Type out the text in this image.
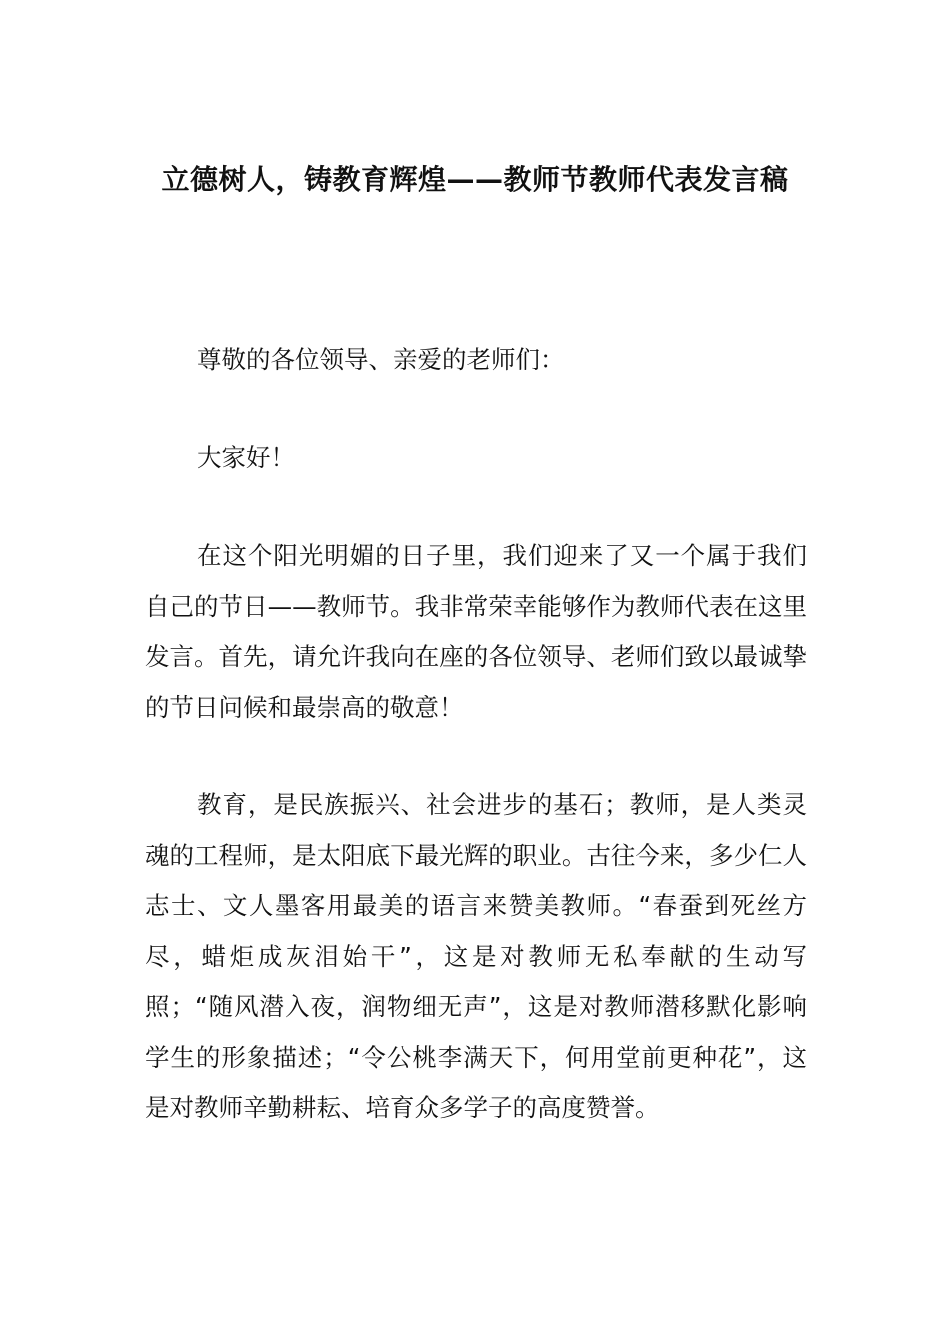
立德树人，铸教育辉煌——教师节教师代表发言稿

尊敬的各位领导、亲爱的老师们：

大家好！

在这个阳光明媚的日子里，我们迎来了又一个属于我们自己的节日——教师节。我非常荣幸能够作为教师代表在这里发言。首先，请允许我向在座的各位领导、老师们致以最诚挚的节日问候和最崇高的敬意！

教育，是民族振兴、社会进步的基石；教师，是人类灵魂的工程师，是太阳底下最光辉的职业。古往今来，多少仁人志士、文人墨客用最美的语言来赞美教师。“春蚕到死丝方尽，蜡炬成灰泪始干”，这是对教师无私奉献的生动写照；“随风潜入夜，润物细无声”，这是对教师潜移默化影响学生的形象描述；“令公桃李满天下，何用堂前更种花”，这是对教师辛勤耕耘、培育众多学子的高度赞誉。
